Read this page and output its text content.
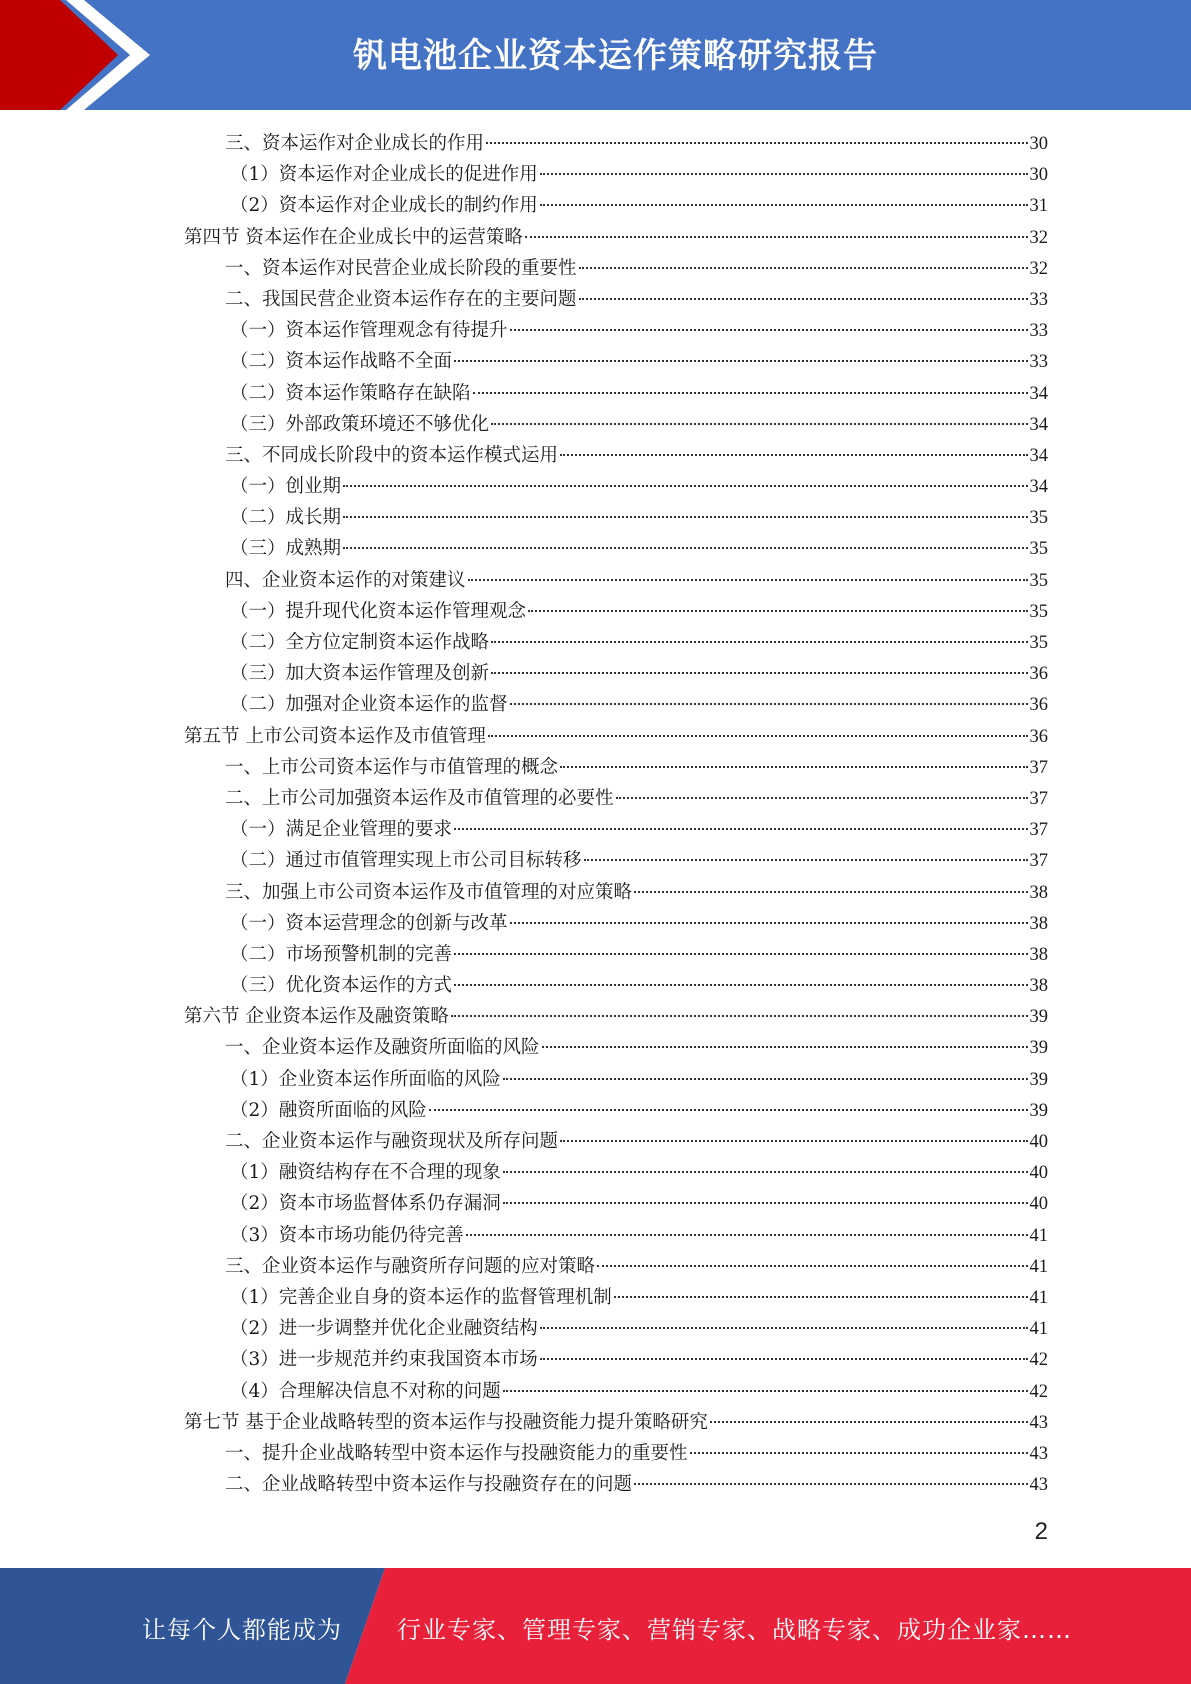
钒电池企业资本运作策略研究报告
三、资本运作对企业成长的作用	30
（1）资本运作对企业成长的促进作用	30
（2）资本运作对企业成长的制约作用	31
第四节 资本运作在企业成长中的运营策略	32
一、资本运作对民营企业成长阶段的重要性	32
二、我国民营企业资本运作存在的主要问题	33
（一）资本运作管理观念有待提升	33
（二）资本运作战略不全面	33
（二）资本运作策略存在缺陷	34
（三）外部政策环境还不够优化	34
三、不同成长阶段中的资本运作模式运用	34
（一）创业期	34
（二）成长期	35
（三）成熟期	35
四、企业资本运作的对策建议	35
（一）提升现代化资本运作管理观念	35
（二）全方位定制资本运作战略	35
（三）加大资本运作管理及创新	36
（二）加强对企业资本运作的监督	36
第五节 上市公司资本运作及市值管理	36
一、上市公司资本运作与市值管理的概念	37
二、上市公司加强资本运作及市值管理的必要性	37
（一）满足企业管理的要求	37
（二）通过市值管理实现上市公司目标转移	37
三、加强上市公司资本运作及市值管理的对应策略	38
（一）资本运营理念的创新与改革	38
（二）市场预警机制的完善	38
（三）优化资本运作的方式	38
第六节 企业资本运作及融资策略	39
一、企业资本运作及融资所面临的风险	39
（1）企业资本运作所面临的风险	39
（2）融资所面临的风险	39
二、企业资本运作与融资现状及所存问题	40
（1）融资结构存在不合理的现象	40
（2）资本市场监督体系仍存漏洞	40
（3）资本市场功能仍待完善	41
三、企业资本运作与融资所存问题的应对策略	41
（1）完善企业自身的资本运作的监督管理机制	41
（2）进一步调整并优化企业融资结构	41
（3）进一步规范并约束我国资本市场	42
（4）合理解决信息不对称的问题	42
第七节 基于企业战略转型的资本运作与投融资能力提升策略研究	43
一、提升企业战略转型中资本运作与投融资能力的重要性	43
二、企业战略转型中资本运作与投融资存在的问题	43
2
让每个人都能成为 行业专家、管理专家、营销专家、战略专家、成功企业家……
